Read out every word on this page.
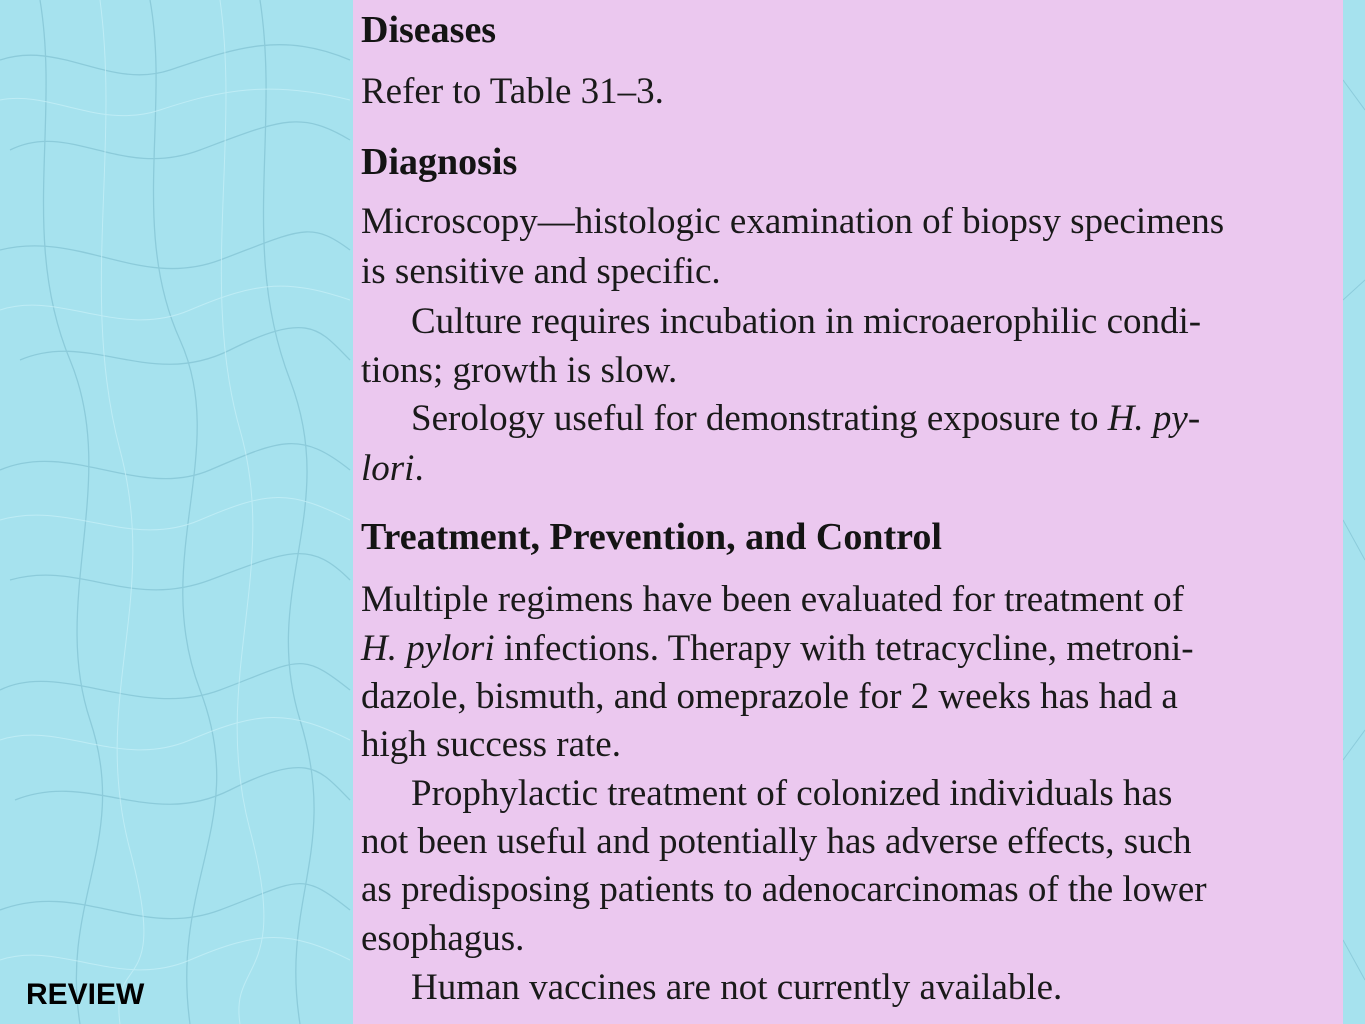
REVIEW
Diseases

Refer to Table 31–3.

Diagnosis

Microscopy—histologic examination of biopsy specimens

is sensitive and specific.

Culture requires incubation in microaerophilic condi-

tions; growth is slow.

Serology useful for demonstrating exposure to H. py-

lori.

Treatment, Prevention, and Control

Multiple regimens have been evaluated for treatment of

H. pylori infections. Therapy with tetracycline, metroni-

dazole, bismuth, and omeprazole for 2 weeks has had a

high success rate.

Prophylactic treatment of colonized individuals has

not been useful and potentially has adverse effects, such

as predisposing patients to adenocarcinomas of the lower

esophagus.

Human vaccines are not currently available.
